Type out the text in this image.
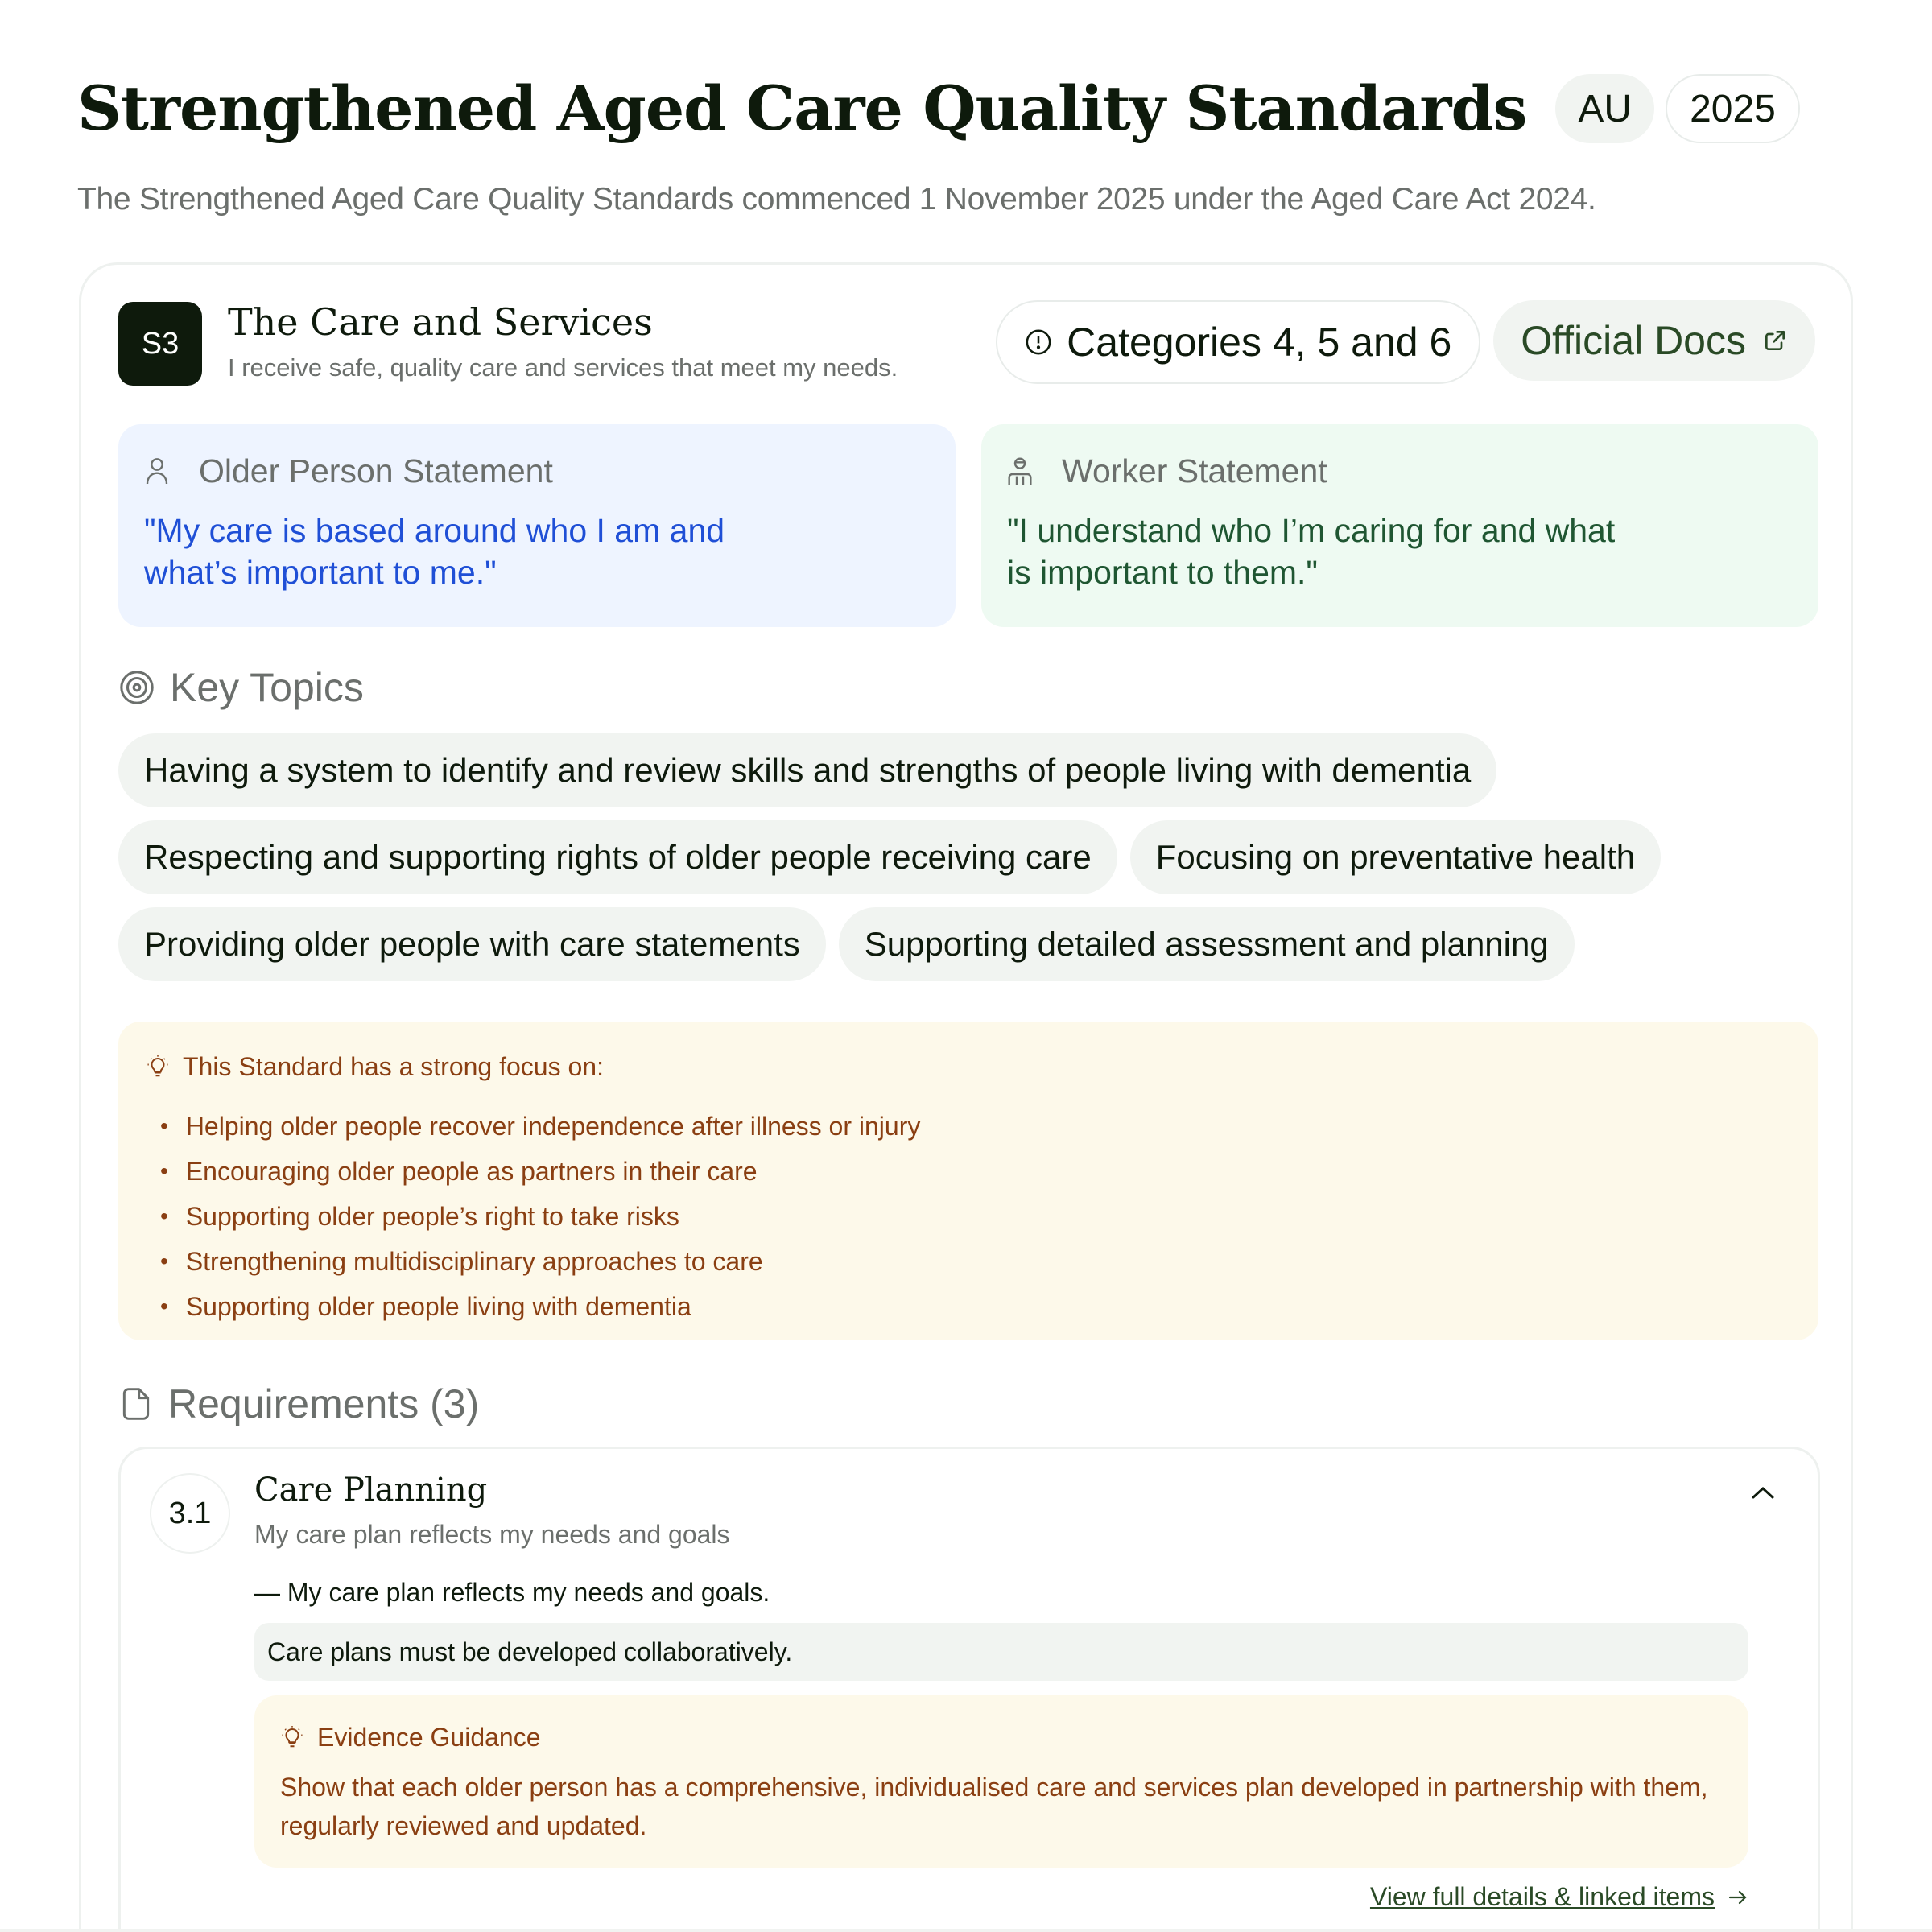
Strengthened Aged Care Quality Standards	AU	2025

The Strengthened Aged Care Quality Standards commenced 1 November 2025 under the Aged Care Act 2024.

S3	The Care and Services
I receive safe, quality care and services that meet my needs.
Categories 4, 5 and 6 Official Docs
Older Person Statement

"My care is based around who I am and what’s important to me."

Worker Statement

"I understand who I’m caring for and what is important to them."

Key Topics
Having a system to identify and review skills and strengths of people living with dementia
Respecting and supporting rights of older people receiving care	Focusing on preventative health
Providing older people with care statements	Supporting detailed assessment and planning
This Standard has a strong focus on:
• Helping older people recover independence after illness or injury
• Encouraging older people as partners in their care
• Supporting older people’s right to take risks
• Strengthening multidisciplinary approaches to care
• Supporting older people living with dementia
Requirements (3)
3.1
Care Planning
My care plan reflects my needs and goals
— My care plan reflects my needs and goals.
Care plans must be developed collaboratively.
Evidence Guidance

Show that each older person has a comprehensive, individualised care and services plan developed in partnership with them, regularly reviewed and updated.

View full details & linked items
